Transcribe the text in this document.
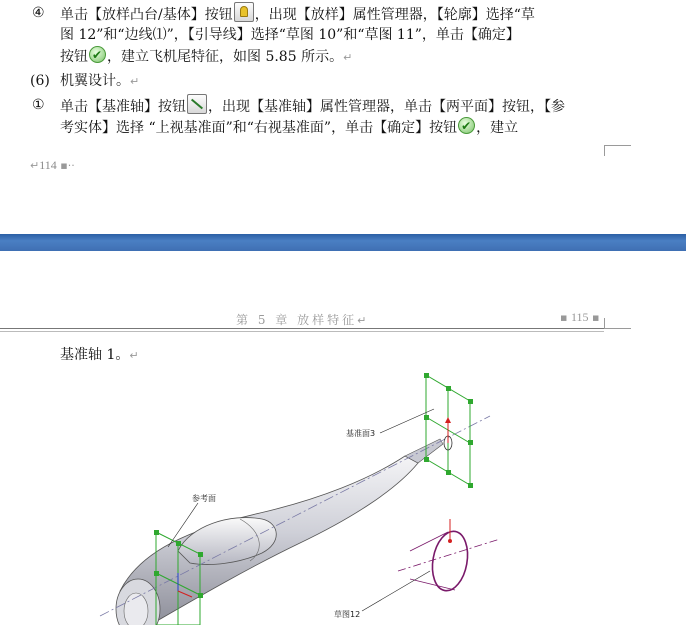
④ 单击【放样凸台/基体】按钮 ，出现【放样】属性管理器，【轮廓】选择“草
图 12”和“边线⑴”，【引导线】选择“草图 10”和“草图 11”，单击【确定】
按钮 ✔ ，建立飞机尾特征，如图 5.85 所示。↵
(6) 机翼设计。↵
① 单击【基准轴】按钮 ，出现【基准轴】属性管理器，单击【两平面】按钮，【参
考实体】选择 “上视基准面”和“右视基准面”，单击【确定】按钮 ✔ ，建立
↵114 ▪··
第 5 章 放样特征↵	▪ 115 ▪
基准轴 1。↵
基准面3
参考面
草图12
